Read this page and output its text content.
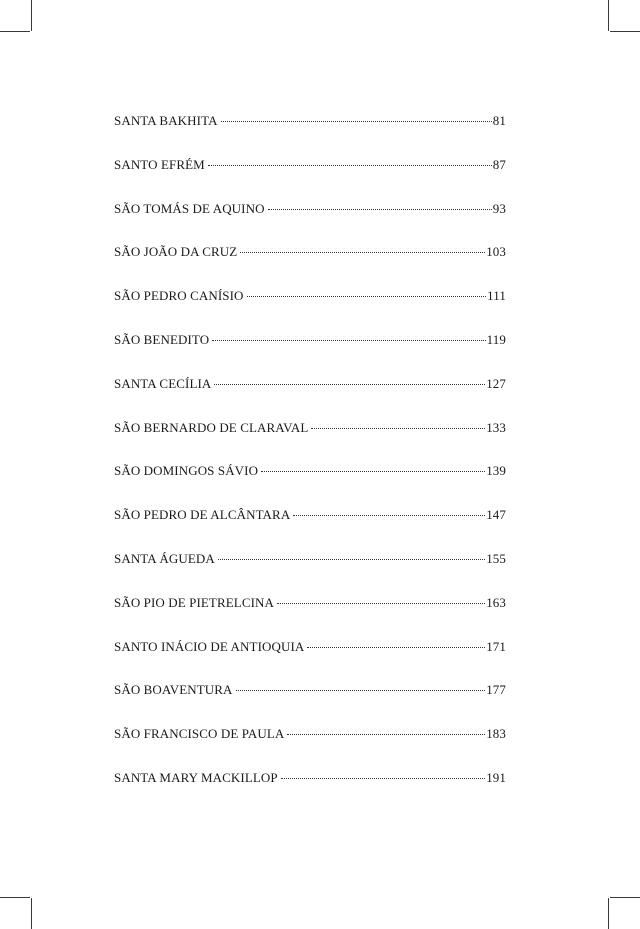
SANTA BAKHITA	81
SANTO EFRÉM	87
SÃO TOMÁS DE AQUINO	93
SÃO JOÃO DA CRUZ	103
SÃO PEDRO CANÍSIO	111
SÃO BENEDITO	119
SANTA CECÍLIA	127
SÃO BERNARDO DE CLARAVAL	133
SÃO DOMINGOS SÁVIO	139
SÃO PEDRO DE ALCÂNTARA	147
SANTA ÁGUEDA	155
SÃO PIO DE PIETRELCINA	163
SANTO INÁCIO DE ANTIOQUIA	171
SÃO BOAVENTURA	177
SÃO FRANCISCO DE PAULA	183
SANTA MARY MACKILLOP	191
